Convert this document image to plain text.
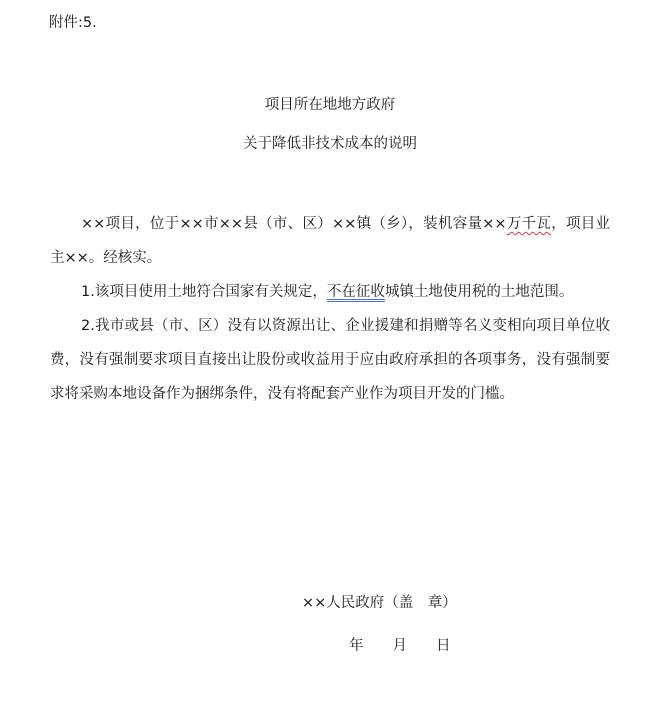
附件:5.
项目所在地地方政府
关于降低非技术成本的说明

××项目，位于××市××县（市、区）××镇（乡），装机容量××万千瓦，项目业主××。经核实。

1.该项目使用土地符合国家有关规定，不在征收城镇土地使用税的土地范围。

2.我市或县（市、区）没有以资源出让、企业援建和捐赠等名义变相向项目单位收费，没有强制要求项目直接出让股份或收益用于应由政府承担的各项事务，没有强制要求将采购本地设备作为捆绑条件，没有将配套产业作为项目开发的门槛。

××人民政府（盖　章）
年　　月　　日
